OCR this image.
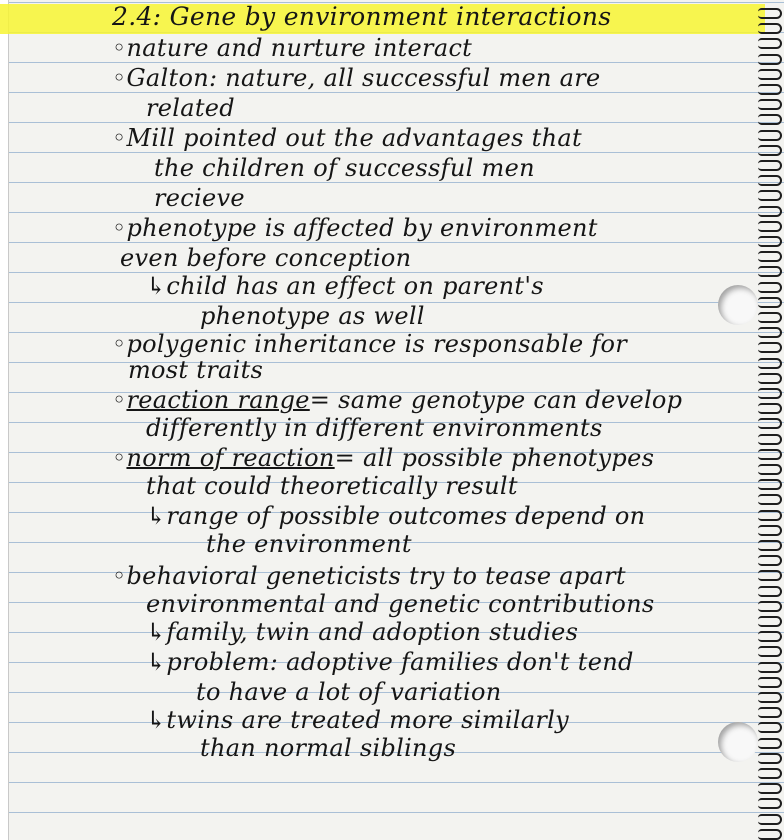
2.4: Gene by environment interactions
◦nature and nurture interact
◦Galton: nature, all successful men are
related
◦Mill pointed out the advantages that
the children of successful men
recieve
◦phenotype is affected by environment
even before conception
↳child has an effect on parent's
phenotype as well
◦polygenic inheritance is responsable for
most traits
◦reaction range= same genotype can develop
differently in different environments
◦norm of reaction= all possible phenotypes
that could theoretically result
↳range of possible outcomes depend on
the environment
◦behavioral geneticists try to tease apart
environmental and genetic contributions
↳family, twin and adoption studies
↳problem: adoptive families don't tend
to have a lot of variation
↳twins are treated more similarly
than normal siblings
